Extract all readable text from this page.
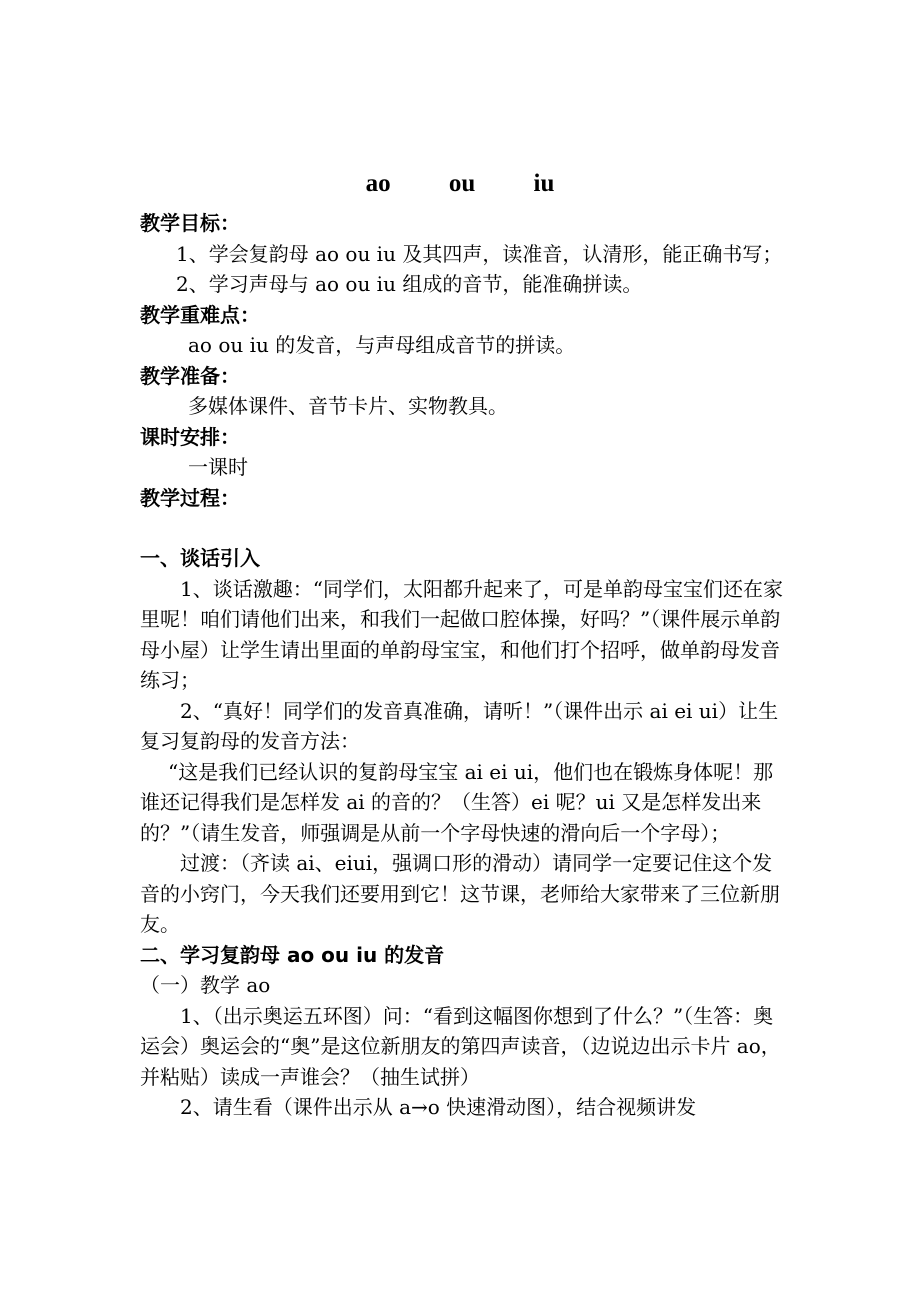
ao ou iu

教学目标：

1、学会复韵母 ao ou iu 及其四声，读准音，认清形，能正确书写；

2、学习声母与 ao ou iu 组成的音节，能准确拼读。

教学重难点：

ao ou iu 的发音，与声母组成音节的拼读。

教学准备：

多媒体课件、音节卡片、实物教具。

课时安排：

一课时

教学过程：

一、谈话引入

1、谈话激趣：“同学们，太阳都升起来了，可是单韵母宝宝们还在家里呢！咱们请他们出来，和我们一起做口腔体操，好吗？”（课件展示单韵母小屋）让学生请出里面的单韵母宝宝，和他们打个招呼，做单韵母发音练习；

2、“真好！同学们的发音真准确，请听！”（课件出示 ai ei ui）让生复习复韵母的发音方法：

“这是我们已经认识的复韵母宝宝 ai ei ui，他们也在锻炼身体呢！那谁还记得我们是怎样发 ai 的音的？（生答）ei 呢？ui 又是怎样发出来的？”（请生发音，师强调是从前一个字母快速的滑向后一个字母）；

过渡：（齐读 ai、eiui，强调口形的滑动）请同学一定要记住这个发音的小窍门，今天我们还要用到它！这节课，老师给大家带来了三位新朋友。

二、学习复韵母 ao ou iu 的发音

（一）教学 ao

1、（出示奥运五环图）问：“看到这幅图你想到了什么？”（生答：奥运会）奥运会的“奥”是这位新朋友的第四声读音，（边说边出示卡片 ao，并粘贴）读成一声谁会？（抽生试拼）

2、请生看（课件出示从 a→o 快速滑动图），结合视频讲发
